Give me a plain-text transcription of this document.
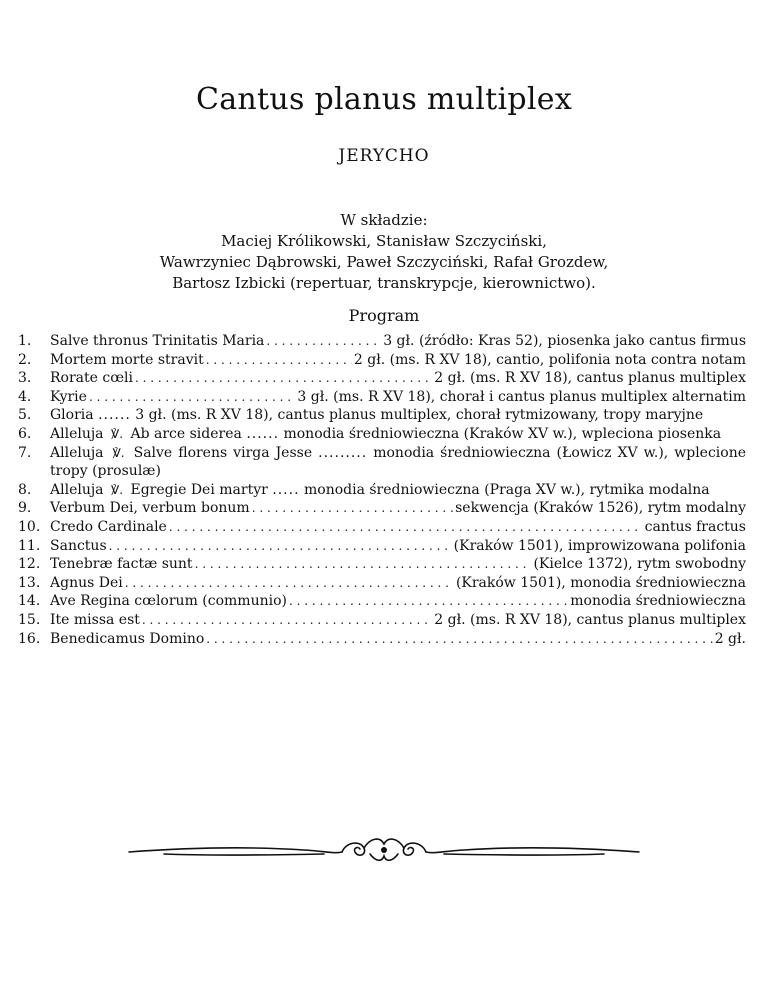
Cantus planus multiplex
JERYCHO
W składzie:
Maciej Królikowski, Stanisław Szczyciński,
Wawrzyniec Dąbrowski, Paweł Szczyciński, Rafał Grozdew,
Bartosz Izbicki (repertuar, transkrypcje, kierownictwo).
Program
1. Salve thronus Trinitatis Maria . . .	3 gł. (źródło: Kras 52), piosenka jako cantus firmus
2. Mortem morte stravit . . .	2 gł. (ms. R XV 18), cantio, polifonia nota contra notam
3. Rorate cœli . . .	2 gł. (ms. R XV 18), cantus planus multiplex
4. Kyrie . . .	3 gł. (ms. R XV 18), chorał i cantus planus multiplex alternatim
5. Gloria ...... 3 gł. (ms. R XV 18), cantus planus multiplex, chorał rytmizowany, tropy maryjne
6. Alleluja ℣. Ab arce siderea ...... monodia średniowieczna (Kraków XV w.), wpleciona piosenka
7. Alleluja ℣. Salve florens virga Jesse ......... monodia średniowieczna (Łowicz XV w.), wplecione tropy (prosulæ)
8. Alleluja ℣. Egregie Dei martyr ..... monodia średniowieczna (Praga XV w.), rytmika modalna
9. Verbum Dei, verbum bonum . . .	sekwencja (Kraków 1526), rytm modalny
10. Credo Cardinale . . .	cantus fractus
11. Sanctus . . .	(Kraków 1501), improwizowana polifonia
12. Tenebræ factæ sunt . . .	(Kielce 1372), rytm swobodny
13. Agnus Dei . . .	(Kraków 1501), monodia średniowieczna
14. Ave Regina cœlorum (communio) . . .	monodia średniowieczna
15. Ite missa est . . .	2 gł. (ms. R XV 18), cantus planus multiplex
16. Benedicamus Domino . . .	2 gł.
